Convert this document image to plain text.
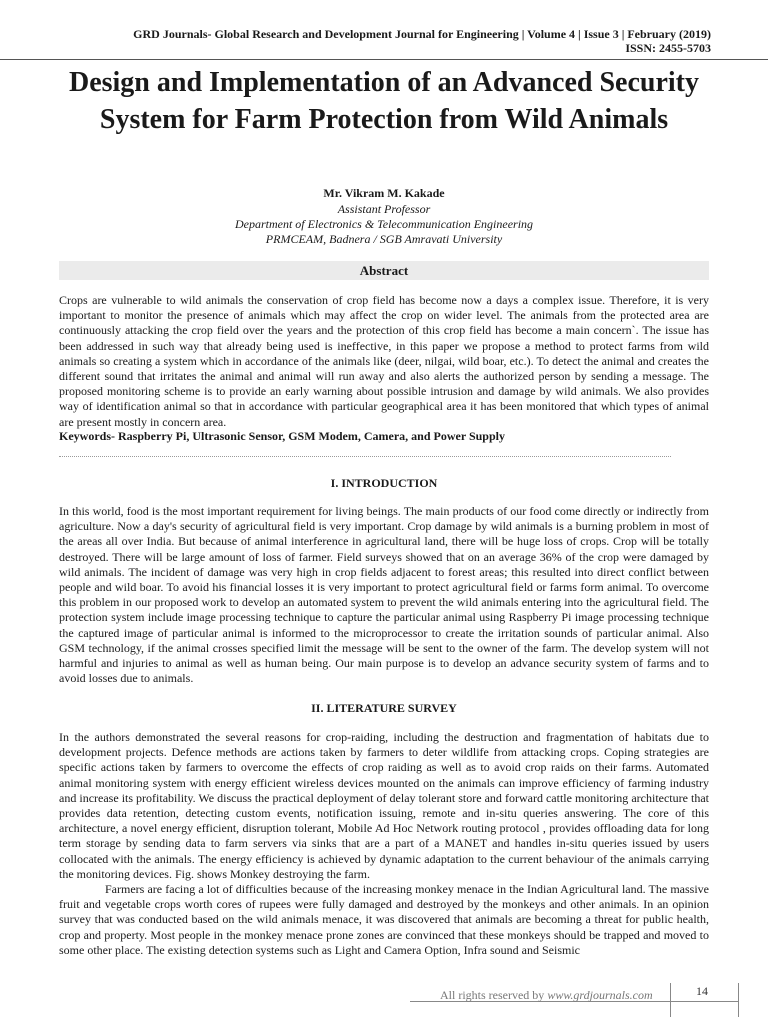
GRD Journals- Global Research and Development Journal for Engineering | Volume 4 | Issue 3 | February (2019)
ISSN: 2455-5703
Design and Implementation of an Advanced Security System for Farm Protection from Wild Animals
Mr. Vikram M. Kakade
Assistant Professor
Department of Electronics & Telecommunication Engineering
PRMCEAM, Badnera / SGB Amravati University
Abstract

Crops are vulnerable to wild animals the conservation of crop field has become now a days a complex issue. Therefore, it is very important to monitor the presence of animals which may affect the crop on wider level. The animals from the protected area are continuously attacking the crop field over the years and the protection of this crop field has become a main concern`. The issue has been addressed in such way that already being used is ineffective, in this paper we propose a method to protect farms from wild animals so creating a system which in accordance of the animals like (deer, nilgai, wild boar, etc.). To detect the animal and creates the different sound that irritates the animal and animal will run away and also alerts the authorized person by sending a message. The proposed monitoring scheme is to provide an early warning about possible intrusion and damage by wild animals. We also provides way of identification animal so that in accordance with particular geographical area it has been monitored that which types of animal are present mostly in concern area.

Keywords- Raspberry Pi, Ultrasonic Sensor, GSM Modem, Camera, and Power Supply

I. INTRODUCTION

In this world, food is the most important requirement for living beings. The main products of our food come directly or indirectly from agriculture. Now a day's security of agricultural field is very important. Crop damage by wild animals is a burning problem in most of the areas all over India. But because of animal interference in agricultural land, there will be huge loss of crops. Crop will be totally destroyed. There will be large amount of loss of farmer. Field surveys showed that on an average 36% of the crop were damaged by wild animals. The incident of damage was very high in crop fields adjacent to forest areas; this resulted into direct conflict between people and wild boar. To avoid his financial losses it is very important to protect agricultural field or farms form animal. To overcome this problem in our proposed work to develop an automated system to prevent the wild animals entering into the agricultural field. The protection system include image processing technique to capture the particular animal using Raspberry Pi image processing technique the captured image of particular animal is informed to the microprocessor to create the irritation sounds of particular animal. Also GSM technology, if the animal crosses specified limit the message will be sent to the owner of the farm. The develop system will not harmful and injuries to animal as well as human being. Our main purpose is to develop an advance security system of farms and to avoid losses due to animals.

II. LITERATURE SURVEY

In the authors demonstrated the several reasons for crop-raiding, including the destruction and fragmentation of habitats due to development projects. Defence methods are actions taken by farmers to deter wildlife from attacking crops. Coping strategies are specific actions taken by farmers to overcome the effects of crop raiding as well as to avoid crop raids on their farms. Automated animal monitoring system with energy efficient wireless devices mounted on the animals can improve efficiency of farming industry and increase its profitability. We discuss the practical deployment of delay tolerant store and forward cattle monitoring architecture that provides data retention, detecting custom events, notification issuing, remote and in-situ queries answering. The core of this architecture, a novel energy efficient, disruption tolerant, Mobile Ad Hoc Network routing protocol , provides offloading data for long term storage by sending data to farm servers via sinks that are a part of a MANET and handles in-situ queries issued by users collocated with the animals. The energy efficiency is achieved by dynamic adaptation to the current behaviour of the animals carrying the monitoring devices. Fig. shows Monkey destroying the farm.

Farmers are facing a lot of difficulties because of the increasing monkey menace in the Indian Agricultural land. The massive fruit and vegetable crops worth cores of rupees were fully damaged and destroyed by the monkeys and other animals. In an opinion survey that was conducted based on the wild animals menace, it was discovered that animals are becoming a threat for public health, crop and property. Most people in the monkey menace prone zones are convinced that these monkeys should be trapped and moved to some other place. The existing detection systems such as Light and Camera Option, Infra sound and Seismic

All rights reserved by www.grdjournals.com	14
